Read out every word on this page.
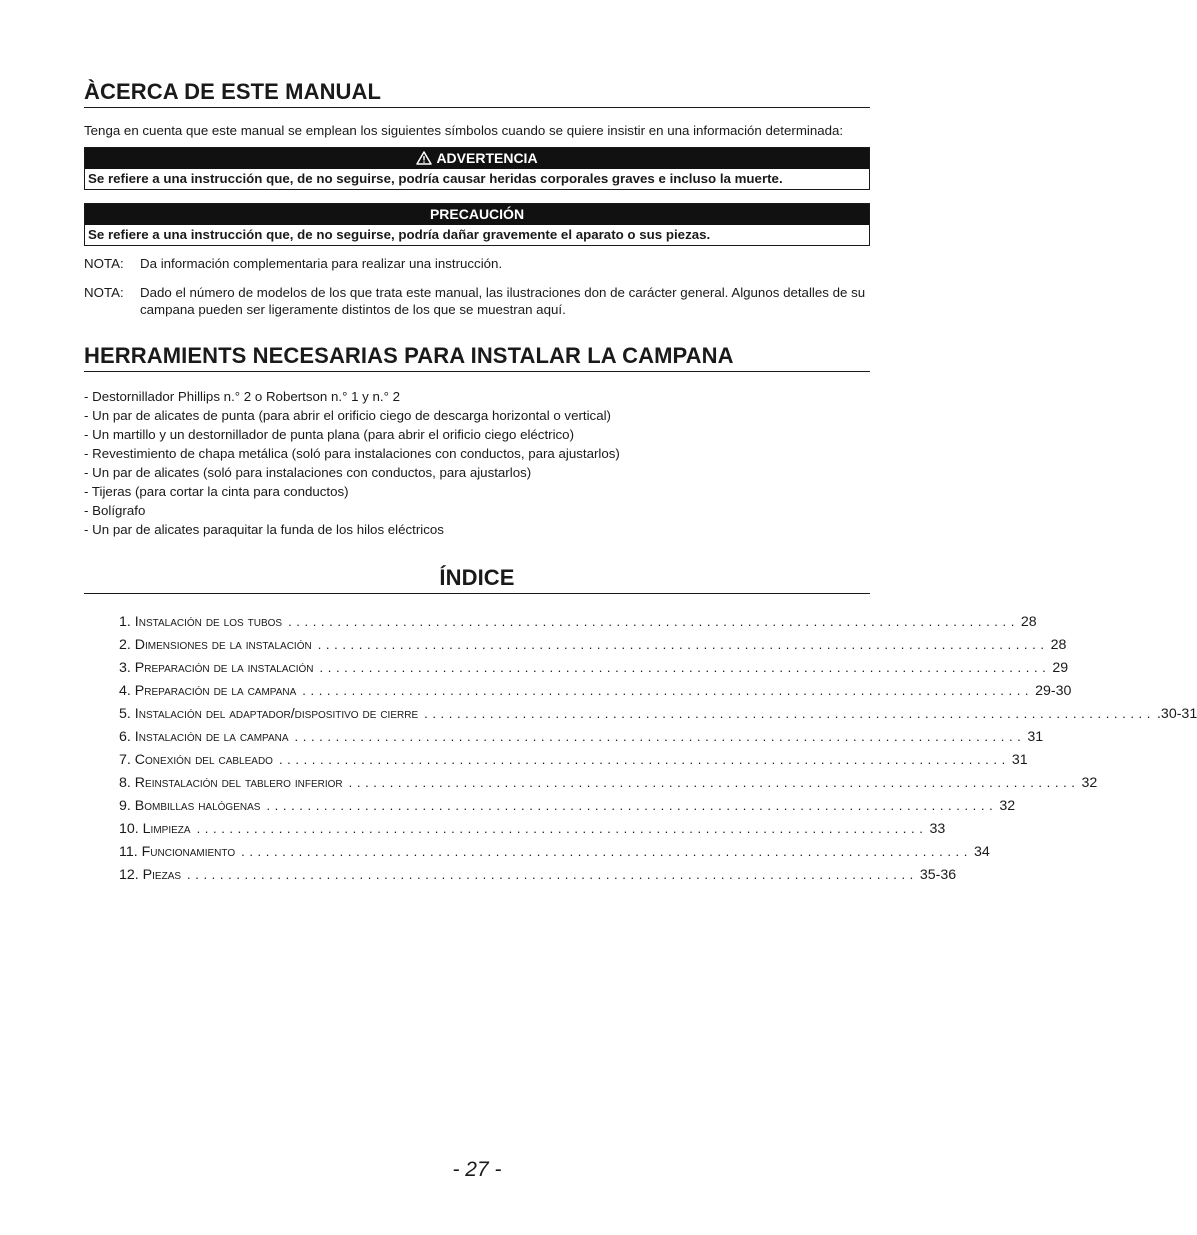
ÀCERCA DE ESTE MANUAL

Tenga en cuenta que este manual se emplean los siguientes símbolos cuando se quiere insistir en una información determinada:

ADVERTENCIA
Se refiere a una instrucción que, de no seguirse, podría causar heridas corporales graves e incluso la muerte.
PRECAUCIÓN
Se refiere a una instrucción que, de no seguirse, podría dañar gravemente el aparato o sus piezas.
NOTA:	Da información complementaria para realizar una instrucción.
NOTA:	Dado el número de modelos de los que trata este manual, las ilustraciones don de carácter general. Algunos detalles de su campana pueden ser ligeramente distintos de los que se muestran aquí.
HERRAMIENTS NECESARIAS PARA INSTALAR LA CAMPANA
- Destornillador Phillips n.° 2 o Robertson n.° 1 y n.° 2
- Un par de alicates de punta (para abrir el orificio ciego de descarga horizontal o vertical)
- Un martillo y un destornillador de punta plana (para abrir el orificio ciego eléctrico)
- Revestimiento de chapa metálica (soló para instalaciones con conductos, para ajustarlos)
- Un par de alicates (soló para instalaciones con conductos, para ajustarlos)
- Tijeras (para cortar la cinta para conductos)
- Bolígrafo
- Un par de alicates paraquitar la funda de los hilos eléctricos
ÍNDICE
1. Instalación de los tubos ......................................................................................... 28
2. Dimensiones de la instalación ......................................................................................... 28
3. Preparación de la instalación ......................................................................................... 29
4. Preparación de la campana ......................................................................................... 29-30
5. Instalación del adaptador/dispositivo de cierre ......................................................................................... .30-31
6. Instalación de la campana ......................................................................................... 31
7. Conexión del cableado ......................................................................................... 31
8. Reinstalación del tablero inferior ......................................................................................... 32
9. Bombillas halógenas ......................................................................................... 32
10. Limpieza ......................................................................................... 33
11. Funcionamiento ......................................................................................... 34
12. Piezas ......................................................................................... 35-36
- 27 -
